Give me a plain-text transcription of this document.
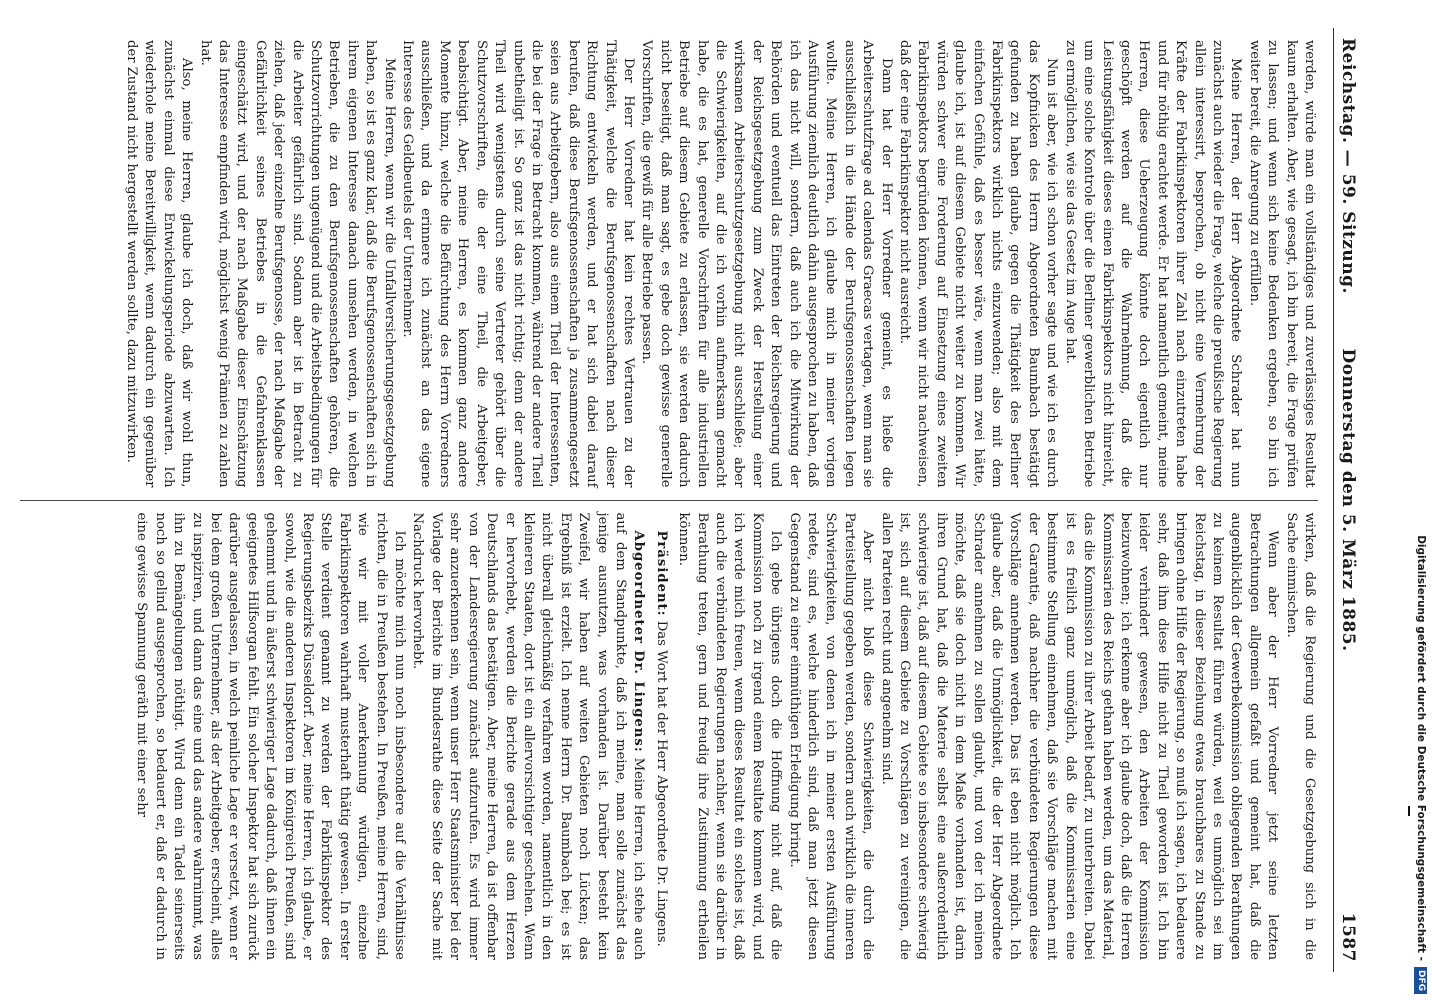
Reichstag. — 59. Sitzung.
Donnerstag den 5. März 1885.
1587

werden, würde man ein vollständiges und zuverlässiges Resultat kaum erhalten. Aber, wie gesagt, ich bin bereit, die Frage prüfen zu lassen; und wenn sich keine Bedenken ergeben, so bin ich weiter bereit, die Anregung zu erfüllen.

Meine Herren, der Herr Abgeordnete Schrader hat nun zunächst auch wieder die Frage, welche die preußische Regierung allein interessirt, besprochen, ob nicht eine Vermehrung der Kräfte der Fabrikinspektoren ihrer Zahl nach einzutreten habe und für nöthig erachtet werde. Er hat namentlich gemeint, meine Herren, diese Ueberzeugung könnte doch eigentlich nur geschöpft werden auf die Wahrnehmung, daß die Leistungsfähigkeit dieses einen Fabrikinspektors nicht hinreicht, um eine solche Kontrole über die Berliner gewerblichen Betriebe zu ermöglichen, wie sie das Gesetz im Auge hat.

Nun ist aber, wie ich schon vorher sagte und wie ich es durch das Kopfnicken des Herrn Abgeordneten Baumbach bestätigt gefunden zu haben glaube, gegen die Thätigkeit des Berliner Fabrikinspektors wirklich nichts einzuwenden; also mit dem einfachen Gefühle, daß es besser wäre, wenn man zwei hätte, glaube ich, ist auf diesem Gebiete nicht weiter zu kommen. Wir würden schwer eine Forderung auf Einsetzung eines zweiten Fabrikinspektors begründen können, wenn wir nicht nachweisen, daß der eine Fabrikinspektor nicht ausreicht.

Dann hat der Herr Vorredner gemeint, es hieße die Arbeiterschutzfrage ad calendas Graecas vertagen, wenn man sie ausschließlich in die Hände der Berufsgenossenschaften legen wollte. Meine Herren, ich glaube mich in meiner vorigen Ausführung ziemlich deutlich dahin ausgesprochen zu haben, daß ich das nicht will, sondern, daß auch ich die Mitwirkung der Behörden und eventuell das Eintreten der Reichsregierung und der Reichsgesetzgebung zum Zweck der Herstellung einer wirksamen Arbeiterschutzgesetzgebung nicht ausschließe; aber die Schwierigkeiten, auf die ich vorhin aufmerksam gemacht habe, die es hat, generelle Vorschriften für alle industriellen Betriebe auf diesem Gebiete zu erlassen, sie werden dadurch nicht beseitigt, daß man sagt, es gebe doch gewisse generelle Vorschriften, die gewiß für alle Betriebe passen.

Der Herr Vorredner hat kein rechtes Vertrauen zu der Thätigkeit, welche die Berufsgenossenschaften nach dieser Richtung entwickeln werden, und er hat sich dabei darauf berufen, daß diese Berufsgenossenschaften ja zusammengesetzt seien aus Arbeitgebern, also aus einem Theil der Interessenten, die bei der Frage in Betracht kommen, während der andere Theil unbetheiligt ist. So ganz ist das nicht richtig; denn der andere Theil wird wenigstens durch seine Vertreter gehört über die Schutzvorschriften, die der eine Theil, die Arbeitgeber, beabsichtigt. Aber, meine Herren, es kommen ganz andere Momente hinzu, welche die Befürchtung des Herrn Vorredners ausschließen, und da erinnere ich zunächst an das eigene Interesse des Geldbeutels der Unternehmer.

Meine Herren, wenn wir die Unfallversicherungsgesetzgebung haben, so ist es ganz klar, daß die Berufsgenossenschaften sich in ihrem eigenen Interesse danach umsehen werden, in welchen Betrieben, die zu den Berufsgenossenschaften gehören, die Schutzvorrichtungen ungenügend und die Arbeitsbedingungen für die Arbeiter gefährlich sind. Sodann aber ist in Betracht zu ziehen, daß jeder einzelne Berufsgenosse, der nach Maßgabe der Gefährlichkeit seines Betriebes in die Gefahrenklassen eingeschätzt wird, und der nach Maßgabe dieser Einschätzung das Interesse empfinden wird, möglichst wenig Prämien zu zahlen hat.

Also, meine Herren, glaube ich doch, daß wir wohl thun, zunächst einmal diese Entwickelungsperiode abzuwarten. Ich wiederhole meine Bereitwilligkeit, wenn dadurch ein gegenüber der Zustand nicht hergestellt werden sollte, dazu mitzuwirken.

wirken, daß die Regierung und die Gesetzgebung sich in die Sache einmischen.

Wenn aber der Herr Vorredner jetzt seine letzten Betrachtungen allgemein gefaßt und gemeint hat, daß die augenblicklich der Gewerbekommission obliegenden Berathungen zu keinem Resultat führen würden, weil es unmöglich sei im Reichstag, in dieser Beziehung etwas brauchbares zu Stande zu bringen ohne Hilfe der Regierung, so muß ich sagen, ich bedauere sehr, daß ihm diese Hilfe nicht zu Theil geworden ist. Ich bin leider verhindert gewesen, den Arbeiten der Kommission beizuwohnen; ich erkenne aber ich glaube doch, daß die Herren Kommissarien des Reichs gethan haben werden, um das Material, das die Kommission zu ihrer Arbeit bedarf, zu unterbreiten. Dabei ist es freilich ganz unmöglich, daß die Kommissarien eine bestimmte Stellung einnehmen, daß sie Vorschläge machen mit der Garantie, daß nachher die verbündeten Regierungen diese Vorschläge annehmen werden. Das ist eben nicht möglich. Ich glaube aber, daß die Unmöglichkeit, die der Herr Abgeordnete Schrader annehmen zu sollen glaubt, und von der ich meinen möchte, daß sie doch nicht in dem Maße vorhanden ist, darin ihren Grund hat, daß die Materie selbst eine außerordentlich schwierige ist, daß auf diesem Gebiete so insbesondere schwierig ist, sich auf diesem Gebiete zu Vorschlägen zu vereinigen, die allen Parteien recht und angenehm sind.

Aber nicht bloß diese Schwierigkeiten, die durch die Parteistellung gegeben werden, sondern auch wirklich die inneren Schwierigkeiten, von denen ich in meiner ersten Ausführung redete, sind es, welche hinderlich sind, daß man jetzt diesen Gegenstand zu einer einmüthigen Erledigung bringt.

Ich gebe übrigens doch die Hoffnung nicht auf, daß die Kommission noch zu irgend einem Resultate kommen wird, und ich werde mich freuen, wenn dieses Resultat ein solches ist, daß auch die verbündeten Regierungen nachher, wenn sie darüber in Berathung treten, gern und freudig ihre Zustimmung ertheilen können.

Präsident: Das Wort hat der Herr Abgeordnete Dr. Lingens.

Abgeordneter Dr. Lingens: Meine Herren, ich stehe auch auf dem Standpunkte, daß ich meine, man solle zunächst das jenige ausnutzen, was vorhanden ist. Darüber besteht kein Zweifel, wir haben auf weiten Gebieten noch Lücken; das Ergebniß ist erzielt. Ich nenne Herrn Dr. Baumbach bei; es ist nicht überall gleichmäßig verfahren worden, namentlich in den kleineren Staaten, dort ist ein allervorsichtiger geschehen. Wenn er hervorhebt, werden die Berichte gerade aus dem Herzen Deutschlands das bestätigen. Aber, meine Herren, da ist offenbar von der Landesregierung zunächst aufzurufen. Es wird immer sehr anzuerkennen sein, wenn unser Herr Staatsminister bei der Vorlage der Berichte im Bundesrathe diese Seite der Sache mit Nachdruck hervorhebt.

Ich möchte mich nun noch insbesondere auf die Verhältnisse richten, die in Preußen bestehen. In Preußen, meine Herren, sind, wie wir mit voller Anerkennung würdigen, einzelne Fabrikinspektoren wahrhaft musterhaft thätig gewesen. In erster Stelle verdient genannt zu werden der Fabrikinspektor des Regierungsbezirks Düsseldorf. Aber, meine Herren, ich glaube, er sowohl, wie die anderen Inspektoren im Königreich Preußen, sind gehemmt und in äußerst schwieriger Lage dadurch, daß ihnen ein geeignetes Hilfsorgan fehlt. Ein solcher Inspektor hat sich zurück darüber ausgelassen, in welch peinliche Lage er versetzt, wenn er bei dem großen Unternehmer, als der Arbeitgeber, erscheint, alles zu inspiziren, und dann das eine und das andere wahrnimmt, was ihn zu Bemängelungen nöthigt. Wird denn ein Tadel seinerseits noch so gelind ausgesprochen, so bedauert er, daß er dadurch in eine gewisse Spannung geräth mit einer sehr	Digitalisierung gefördert durch die Deutsche Forschungsgemeinschaft -DFG
